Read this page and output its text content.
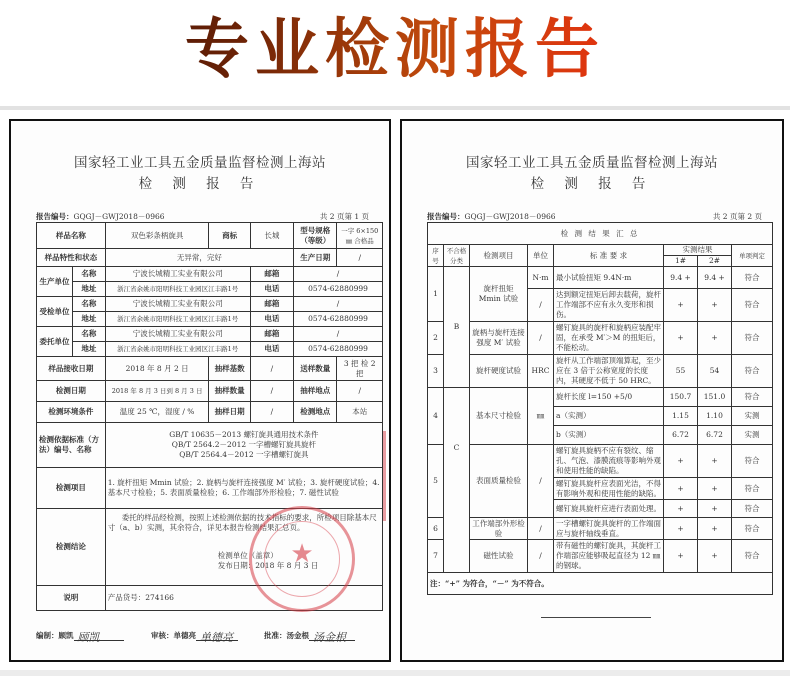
专业检测报告
国家轻工业工具五金质量监督检测上海站
检 测 报 告
报告编号：GQGJ－GWJ2018－0966	共 2 页第 1 页
样品名称		双色彩条柄旋具	商标	长城	型号规格（等级）	一字 6×150 ㎜ 合格品
样品特性和状态		无异常，完好			生产日期	/
生产单位	名称	宁波长城精工实业有限公司		邮箱	/	
	地址	浙江省余姚市阳明科技工业园区江丰路1号		电话	0574-62880999	
受检单位	名称	宁波长城精工实业有限公司		邮箱	/	
	地址	浙江省余姚市阳明科技工业园区江丰路1号		电话	0574-62880999	
委托单位	名称	宁波长城精工实业有限公司		邮箱	/	
	地址	浙江省余姚市阳明科技工业园区江丰路1号		电话	0574-62880999	
样品接收日期		2018 年 8 月 2 日	抽样基数	/	送样数量	3 把 检 2 把
检测日期		2018 年 8 月 3 日到 8 月 3 日	抽样数量	/	抽样地点	/
检测环境条件		温度 25 ℃，湿度 / %	抽样日期	/	检测地点	本站
检测依据标准（方法）编号、名称		GB/T 10635－2013 螺钉旋具通用技术条件
QB/T 2564.2－2012 一字槽螺钉旋具旋杆
QB/T 2564.4－2012 一字槽螺钉旋具				

检测项目		1. 旋杆扭矩 Mmin 试验；2. 旋柄与旋杆连接强度 M′ 试验；3. 旋杆硬度试验；4. 基本尺寸检验；5. 表面质量检验；6. 工作端部外形检验；7. 磁性试验				
检测结论		委托的样品经检测，按照上述检测依据的技术指标的要求，所检项目除基本尺寸（a、b）实测，其余符合，详见本报告检测结果汇总页。
检测单位（盖章）
发布日期：2018 年 8 月 3 日				

说明		产品货号：274166				
★
编制：顾凯 顾凯	审核：单德亮 单德亮	批准：汤金根 汤金根
国家轻工业工具五金质量监督检测上海站
检 测 报 告
报告编号：GQGJ－GWJ2018－0966	共 2 页第 2 页
检 测 结 果 汇 总							
序号	不合格分类	检测项目	单位	标 准 要 求	实测结果		单项判定
					1#	2#	
1	B	旋杆扭矩 Mmin 试验	N·m	最小试验扭矩 9.4N·m	9.4 +	9.4 +	符合
			/	达到额定扭矩后卸去载荷，旋杆工作端部不应有永久变形和损伤。	+	+	符合
2		旋柄与旋杆连接强度 M′ 试验	/	螺钉旋具的旋杆和旋柄应装配牢固，在承受 M′＞M 的扭矩后，不能松动。	+	+	符合
3		旋杆硬度试验	HRC	旋杆从工作端部顶端算起，至少应在 3 倍于公称宽度的长度内，其硬度不低于 50 HRC。	55	54	符合
4	C	基本尺寸检验	㎜	旋杆长度 l=150 +5/0	150.7	151.0	符合
				a（实测）	1.15	1.10	实测
				b（实测）	6.72	6.72	实测
5		表面质量检验	/	螺钉旋具旋柄不应有裂纹、缩孔、气泡、漆膜流痕等影响外观和使用性能的缺陷。	+	+	符合
				螺钉旋具旋杆应表面光洁，不得有影响外观和使用性能的缺陷。	+	+	符合
				螺钉旋具旋杆应进行表面处理。	+	+	符合
6		工作端部外形检验	/	一字槽螺钉旋具旋杆的工作端面应与旋杆轴线垂直。	+	+	符合
7		磁性试验	/	带有磁性的螺钉旋具，其旋杆工作端部应能够吸起直径为 12 ㎜ 的钢球。	+	+	符合
注：“+” 为符合，“－” 为不符合。							
